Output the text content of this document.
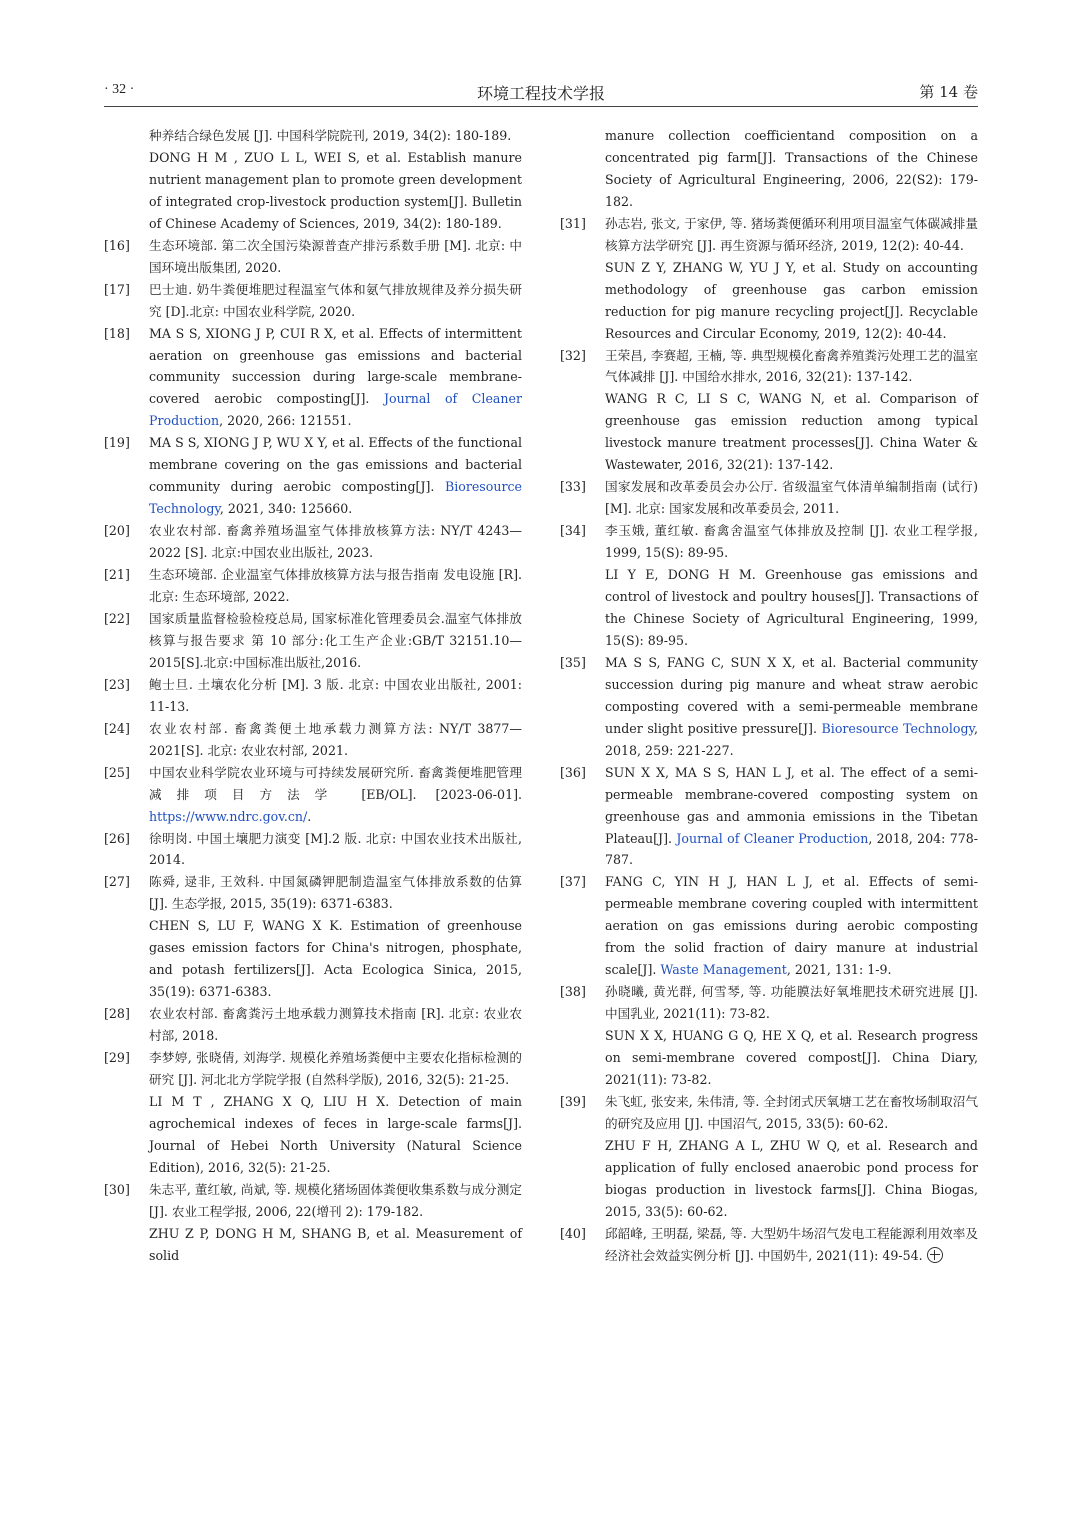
· 32 ·	环境工程技术学报	第 14 卷

种养结合绿色发展 [J]. 中国科学院院刊, 2019, 34(2): 180-189.

DONG H M , ZUO L L, WEI S, et al. Establish manure nutrient management plan to promote green development of integrated crop-livestock production system[J]. Bulletin of Chinese Academy of Sciences, 2019, 34(2): 180-189.

[16] 生态环境部. 第二次全国污染源普查产排污系数手册 [M]. 北京: 中国环境出版集团, 2020.

[17] 巴士迪. 奶牛粪便堆肥过程温室气体和氨气排放规律及养分损失研究 [D].北京: 中国农业科学院, 2020.

[18] MA S S, XIONG J P, CUI R X, et al. Effects of intermittent aeration on greenhouse gas emissions and bacterial community succession during large-scale membrane-covered aerobic composting[J]. Journal of Cleaner Production, 2020, 266: 121551.

[19] MA S S, XIONG J P, WU X Y, et al. Effects of the functional membrane covering on the gas emissions and bacterial community during aerobic composting[J]. Bioresource Technology, 2021, 340: 125660.

[20] 农业农村部. 畜禽养殖场温室气体排放核算方法: NY/T 4243—2022 [S]. 北京:中国农业出版社, 2023.

[21] 生态环境部. 企业温室气体排放核算方法与报告指南 发电设施 [R]. 北京: 生态环境部, 2022.

[22] 国家质量监督检验检疫总局, 国家标准化管理委员会.温室气体排放核算与报告要求 第 10 部分:化工生产企业:GB/T 32151.10—2015[S].北京:中国标准出版社,2016.

[23] 鲍士旦. 土壤农化分析 [M]. 3 版. 北京: 中国农业出版社, 2001: 11-13.

[24] 农业农村部. 畜禽粪便土地承载力测算方法: NY/T 3877—2021[S]. 北京: 农业农村部, 2021.

[25] 中国农业科学院农业环境与可持续发展研究所. 畜禽粪便堆肥管理减排项目方法学 [EB/OL]. [2023-06-01]. https://www.ndrc.gov.cn/.

[26] 徐明岗. 中国土壤肥力演变 [M].2 版. 北京: 中国农业技术出版社, 2014.

[27] 陈舜, 逯非, 王效科. 中国氮磷钾肥制造温室气体排放系数的估算 [J]. 生态学报, 2015, 35(19): 6371-6383.

CHEN S, LU F, WANG X K. Estimation of greenhouse gases emission factors for China's nitrogen, phosphate, and potash fertilizers[J]. Acta Ecologica Sinica, 2015, 35(19): 6371-6383.

[28] 农业农村部. 畜禽粪污土地承载力测算技术指南 [R]. 北京: 农业农村部, 2018.

[29] 李梦婷, 张晓倩, 刘海学. 规模化养殖场粪便中主要农化指标检测的研究 [J]. 河北北方学院学报 (自然科学版), 2016, 32(5): 21-25.

LI M T , ZHANG X Q, LIU H X. Detection of main agrochemical indexes of feces in large-scale farms[J]. Journal of Hebei North University (Natural Science Edition), 2016, 32(5): 21-25.

[30] 朱志平, 董红敏, 尚斌, 等. 规模化猪场固体粪便收集系数与成分测定 [J]. 农业工程学报, 2006, 22(增刊 2): 179-182.

ZHU Z P, DONG H M, SHANG B, et al. Measurement of solid

manure collection coefficientand composition on a concentrated pig farm[J]. Transactions of the Chinese Society of Agricultural Engineering, 2006, 22(S2): 179-182.

[31] 孙志岩, 张文, 于家伊, 等. 猪场粪便循环利用项目温室气体碳减排量核算方法学研究 [J]. 再生资源与循环经济, 2019, 12(2): 40-44.

SUN Z Y, ZHANG W, YU J Y, et al. Study on accounting methodology of greenhouse gas carbon emission reduction for pig manure recycling project[J]. Recyclable Resources and Circular Economy, 2019, 12(2): 40-44.

[32] 王荣昌, 李赛超, 王楠, 等. 典型规模化畜禽养殖粪污处理工艺的温室气体减排 [J]. 中国给水排水, 2016, 32(21): 137-142.

WANG R C, LI S C, WANG N, et al. Comparison of greenhouse gas emission reduction among typical livestock manure treatment processes[J]. China Water & Wastewater, 2016, 32(21): 137-142.

[33] 国家发展和改革委员会办公厅. 省级温室气体清单编制指南 (试行)[M]. 北京: 国家发展和改革委员会, 2011.

[34] 李玉娥, 董红敏. 畜禽舍温室气体排放及控制 [J]. 农业工程学报, 1999, 15(S): 89-95.

LI Y E, DONG H M. Greenhouse gas emissions and control of livestock and poultry houses[J]. Transactions of the Chinese Society of Agricultural Engineering, 1999, 15(S): 89-95.

[35] MA S S, FANG C, SUN X X, et al. Bacterial community succession during pig manure and wheat straw aerobic composting covered with a semi-permeable membrane under slight positive pressure[J]. Bioresource Technology, 2018, 259: 221-227.

[36] SUN X X, MA S S, HAN L J, et al. The effect of a semi-permeable membrane-covered composting system on greenhouse gas and ammonia emissions in the Tibetan Plateau[J]. Journal of Cleaner Production, 2018, 204: 778-787.

[37] FANG C, YIN H J, HAN L J, et al. Effects of semi-permeable membrane covering coupled with intermittent aeration on gas emissions during aerobic composting from the solid fraction of dairy manure at industrial scale[J]. Waste Management, 2021, 131: 1-9.

[38] 孙晓曦, 黄光群, 何雪琴, 等. 功能膜法好氧堆肥技术研究进展 [J]. 中国乳业, 2021(11): 73-82.

SUN X X, HUANG G Q, HE X Q, et al. Research progress on semi-membrane covered compost[J]. China Diary, 2021(11): 73-82.

[39] 朱飞虹, 张安来, 朱伟清, 等. 全封闭式厌氧塘工艺在畜牧场制取沼气的研究及应用 [J]. 中国沼气, 2015, 33(5): 60-62.

ZHU F H, ZHANG A L, ZHU W Q, et al. Research and application of fully enclosed anaerobic pond process for biogas production in livestock farms[J]. China Biogas, 2015, 33(5): 60-62.

[40] 邱韶峰, 王明磊, 梁磊, 等. 大型奶牛场沼气发电工程能源利用效率及经济社会效益实例分析 [J]. 中国奶牛, 2021(11): 49-54.
